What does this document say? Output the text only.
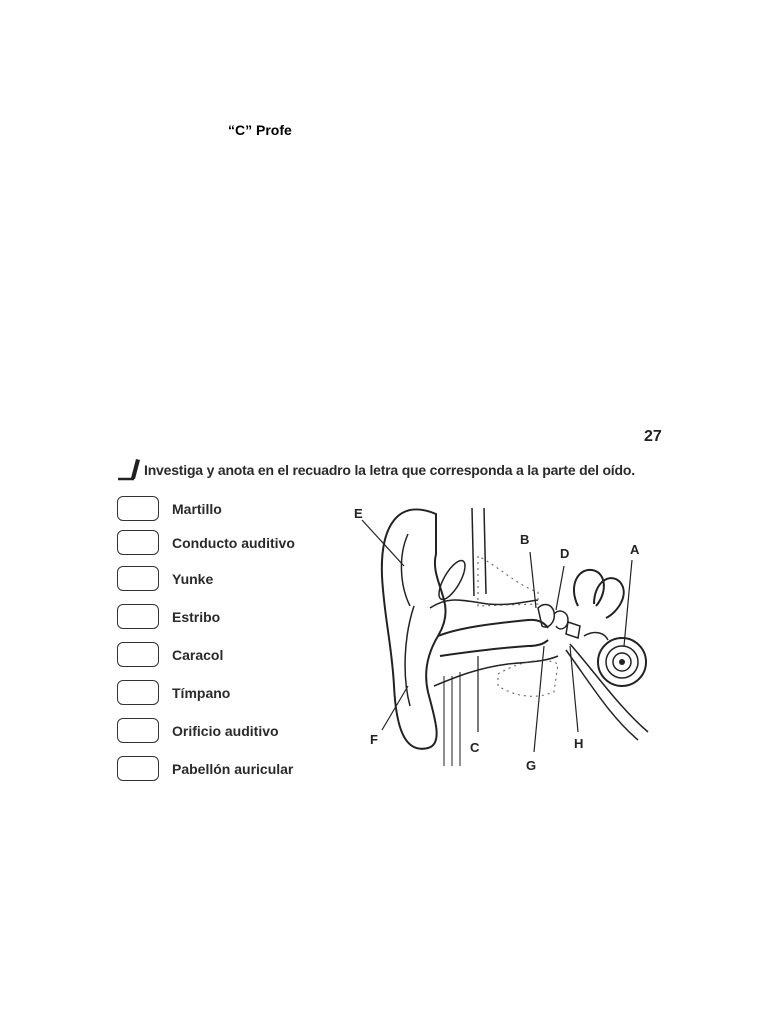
“C” Profe
27
Investiga y anota en el recuadro la letra que corresponda a la parte del oído.
Martillo
Conducto auditivo
Yunke
Estribo
Caracol
Tímpano
Orificio auditivo
Pabellón auricular
E
F
C
B
D	A
G
H
